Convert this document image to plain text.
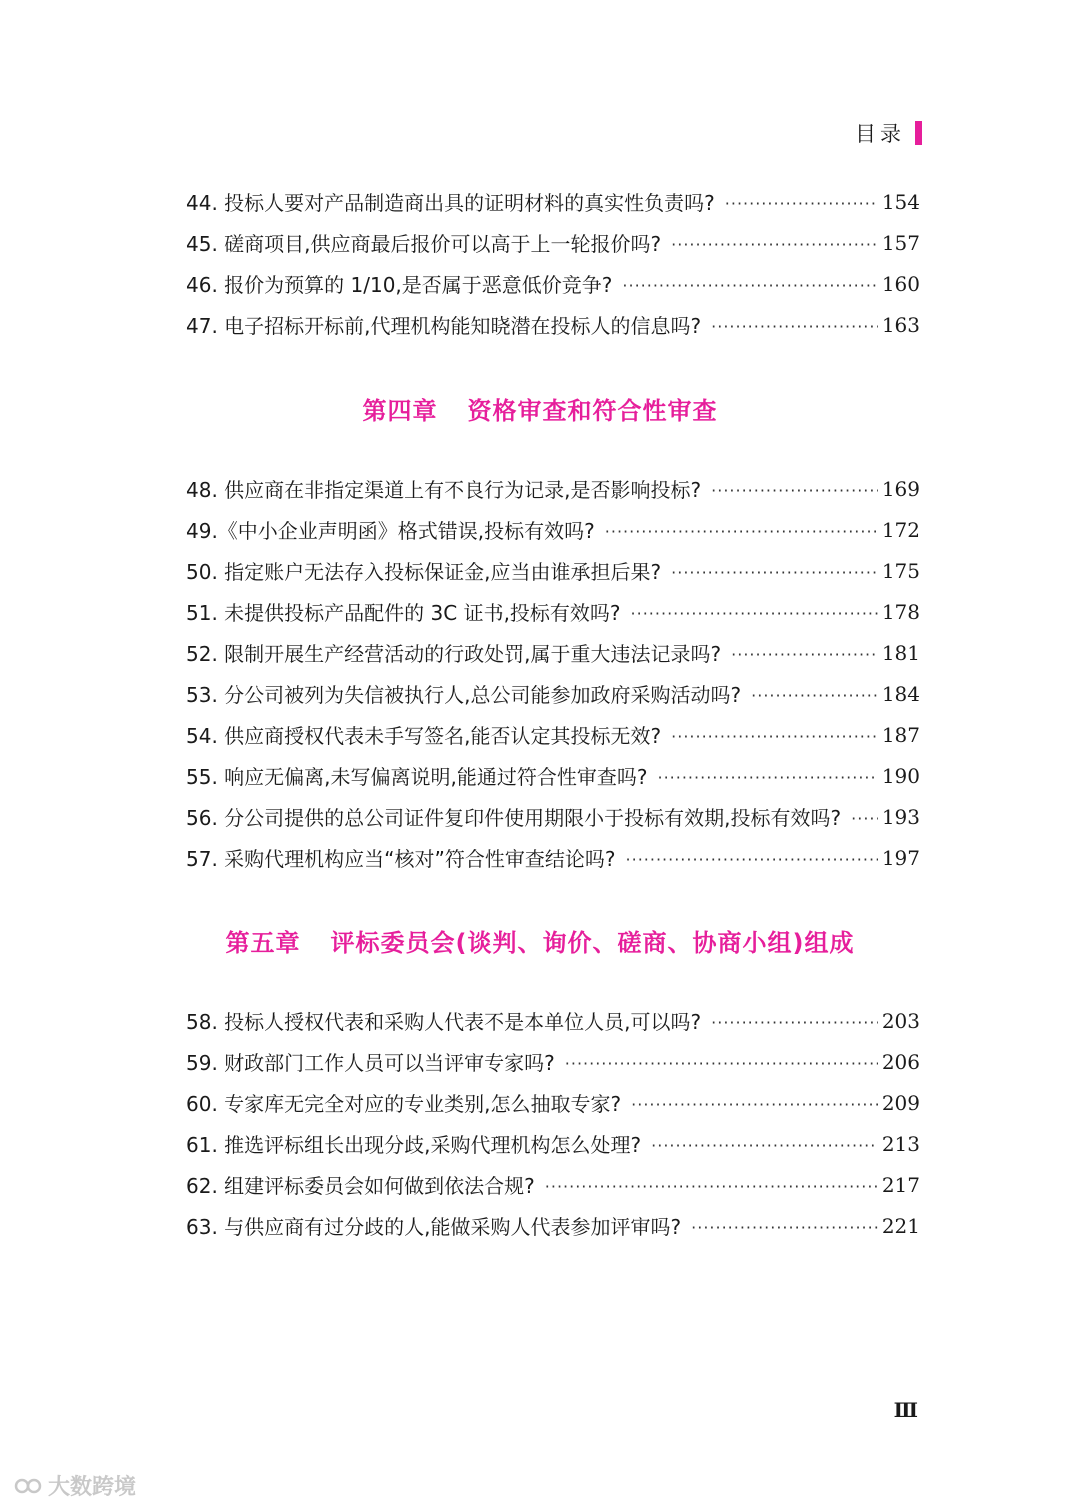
目录
44. 投标人要对产品制造商出具的证明材料的真实性负责吗? ·····	154
45. 磋商项目,供应商最后报价可以高于上一轮报价吗? ·····	157
46. 报价为预算的 1/10,是否属于恶意低价竞争? ·····	160
47. 电子招标开标前,代理机构能知晓潜在投标人的信息吗? ·····	163
第四章 资格审查和符合性审查
48. 供应商在非指定渠道上有不良行为记录,是否影响投标? ·····	169
49.《中小企业声明函》格式错误,投标有效吗? ·····	172
50. 指定账户无法存入投标保证金,应当由谁承担后果? ·····	175
51. 未提供投标产品配件的 3C 证书,投标有效吗? ·····	178
52. 限制开展生产经营活动的行政处罚,属于重大违法记录吗? ·····	181
53. 分公司被列为失信被执行人,总公司能参加政府采购活动吗? ·····	184
54. 供应商授权代表未手写签名,能否认定其投标无效? ·····	187
55. 响应无偏离,未写偏离说明,能通过符合性审查吗? ·····	190
56. 分公司提供的总公司证件复印件使用期限小于投标有效期,投标有效吗? ····· 193
57. 采购代理机构应当“核对”符合性审查结论吗? ·····	197
第五章 评标委员会(谈判、询价、磋商、协商小组)组成
58. 投标人授权代表和采购人代表不是本单位人员,可以吗? ·····	203
59. 财政部门工作人员可以当评审专家吗? ·····	206
60. 专家库无完全对应的专业类别,怎么抽取专家? ·····	209
61. 推选评标组长出现分歧,采购代理机构怎么处理? ·····	213
62. 组建评标委员会如何做到依法合规? ·····	217
63. 与供应商有过分歧的人,能做采购人代表参加评审吗? ·····	221
Ⅲ
大数跨境
